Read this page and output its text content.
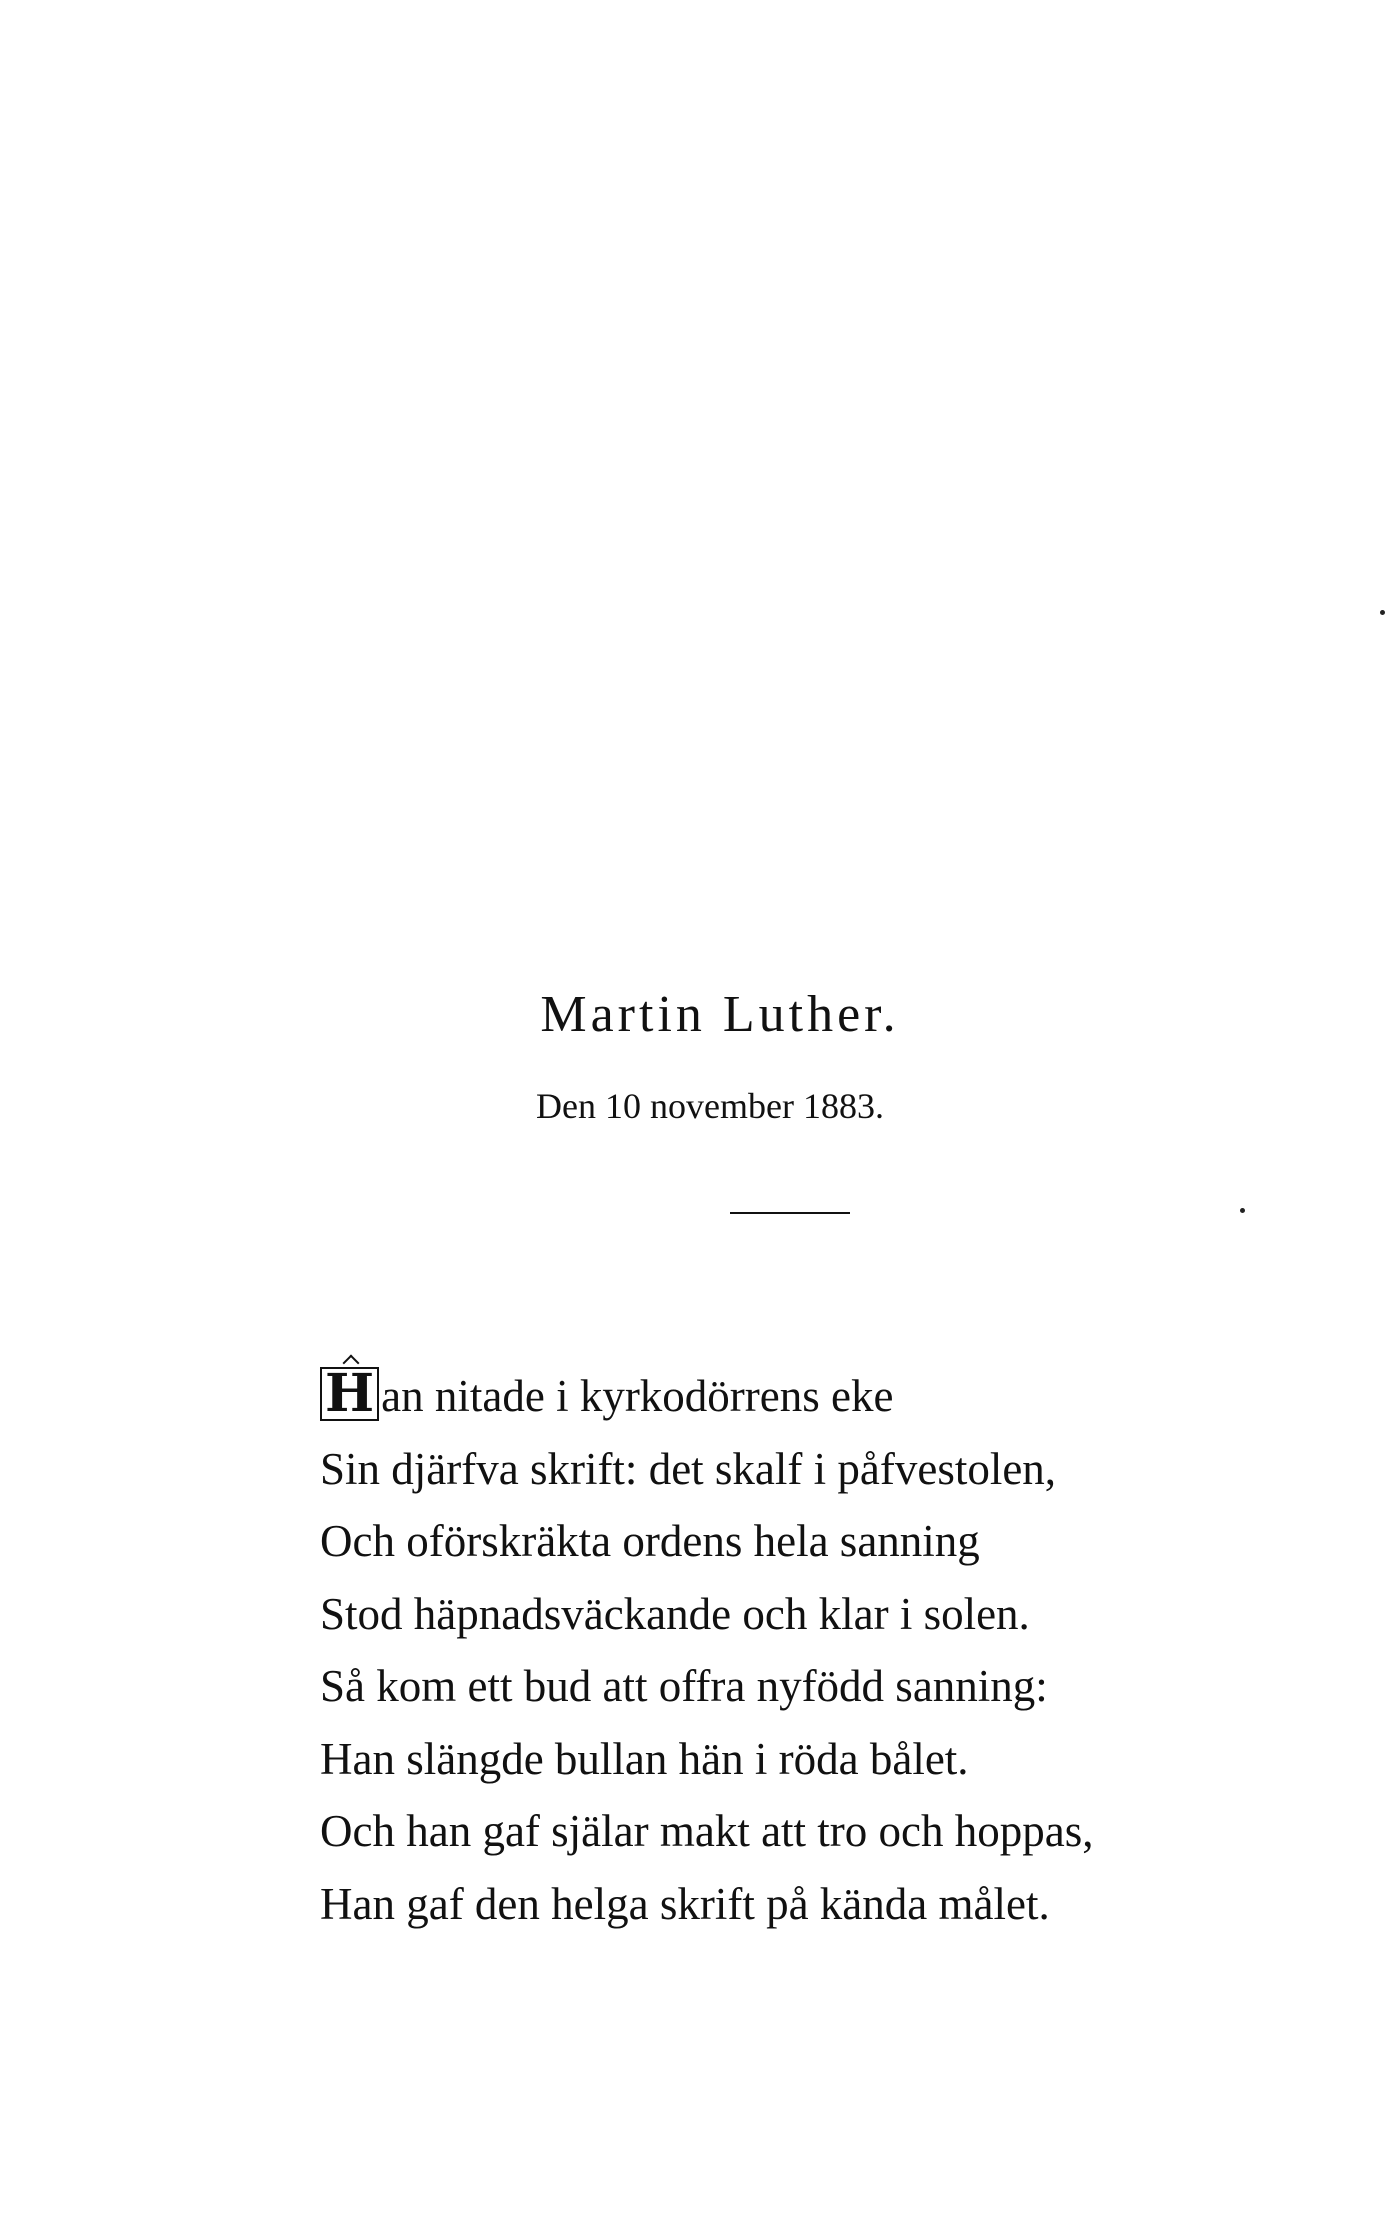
Martin Luther.
Den 10 november 1883.
H an nitade i kyrkodörrens eke
Sin djärfva skrift: det skalf i påfvestolen,
Och oförskräkta ordens hela sanning
Stod häpnadsväckande och klar i solen.
Så kom ett bud att offra nyfödd sanning:
Han slängde bullan hän i röda bålet.
Och han gaf själar makt att tro och hoppas,
Han gaf den helga skrift på kända målet.
